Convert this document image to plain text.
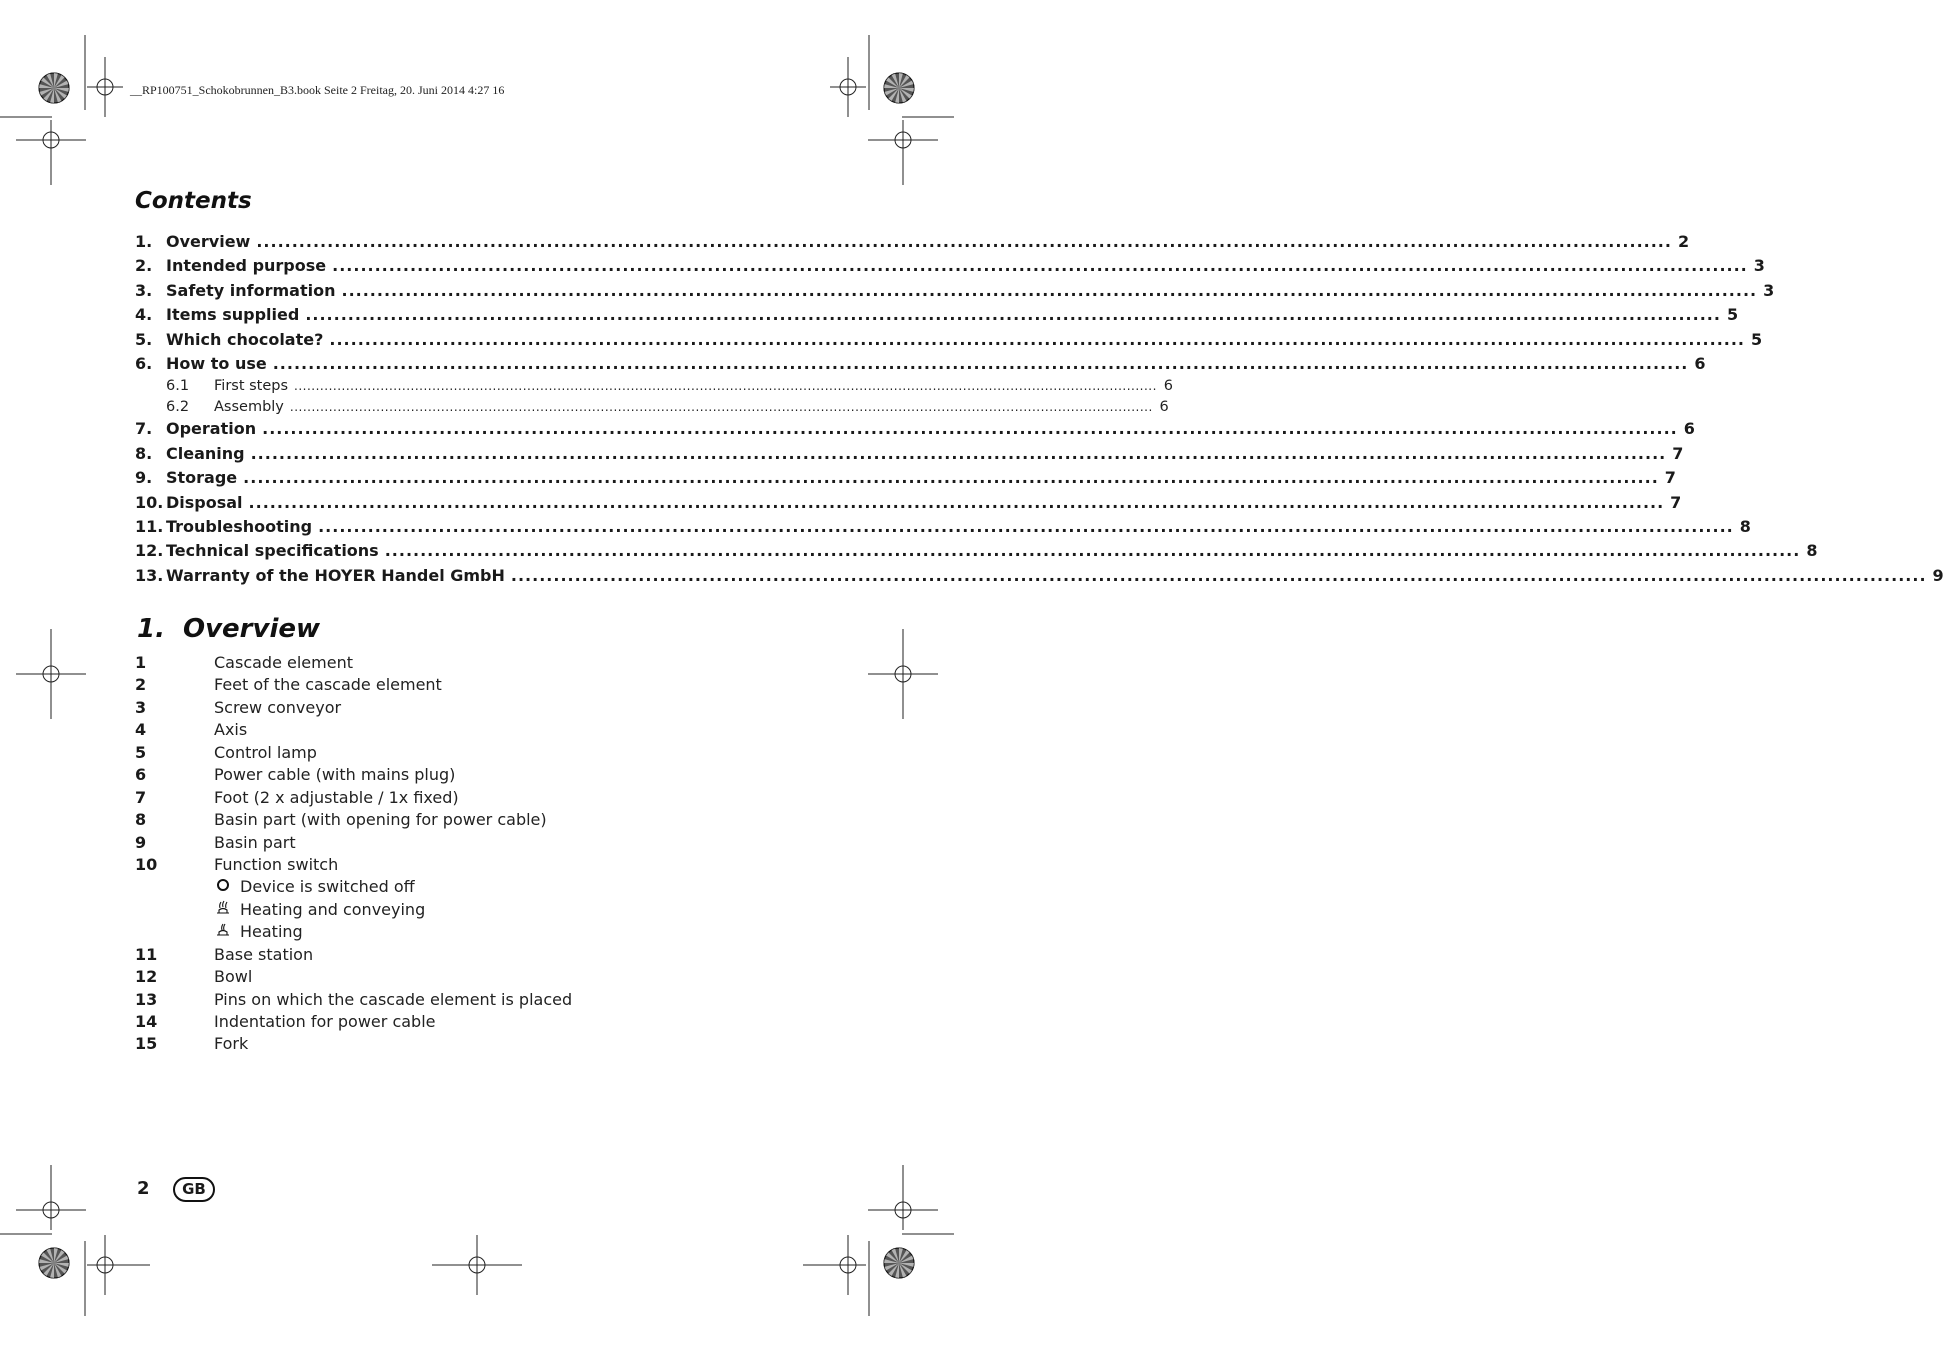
__RP100751_Schokobrunnen_B3.book Seite 2 Freitag, 20. Juni 2014 4:27 16
Contents
1. Overview ........................................................................................................................................................................................................ 2
2. Intended purpose ........................................................................................................................................................................................................ 3
3. Safety information ........................................................................................................................................................................................................ 3
4. Items supplied ........................................................................................................................................................................................................ 5
5. Which chocolate? ........................................................................................................................................................................................................ 5
6. How to use ........................................................................................................................................................................................................ 6
6.1	First steps ........................................................................................................................................................................................................ 6
6.2	Assembly ........................................................................................................................................................................................................ 6
7. Operation ........................................................................................................................................................................................................ 6
8. Cleaning ........................................................................................................................................................................................................ 7
9. Storage ........................................................................................................................................................................................................ 7
10. Disposal ........................................................................................................................................................................................................ 7
11. Troubleshooting ........................................................................................................................................................................................................ 8
12. Technical specifications ........................................................................................................................................................................................................ 8
13. Warranty of the HOYER Handel GmbH ........................................................................................................................................................................................................ 9
1. Overview
1	Cascade element
2	Feet of the cascade element
3	Screw conveyor
4	Axis
5	Control lamp
6	Power cable (with mains plug)
7	Foot (2 x adjustable / 1x fixed)
8	Basin part (with opening for power cable)
9	Basin part
10	Function switch
Device is switched off
Heating and conveying
Heating
11	Base station
12	Bowl
13	Pins on which the cascade element is placed
14	Indentation for power cable
15	Fork
2	GB
